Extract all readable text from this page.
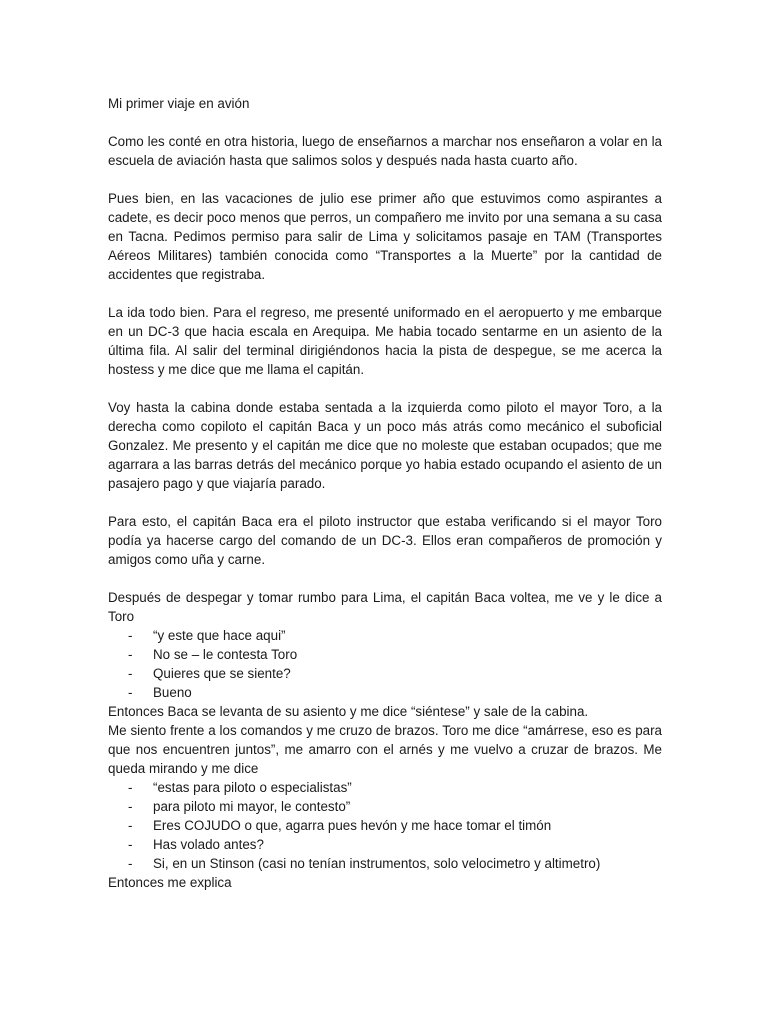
Mi primer viaje en avión

Como les conté en otra historia, luego de enseñarnos a marchar nos enseñaron a volar en la escuela de aviación hasta que salimos solos y después nada hasta cuarto año.

Pues bien, en las vacaciones de julio ese primer año que estuvimos como aspirantes a cadete, es decir poco menos que perros, un compañero me invito por una semana a su casa en Tacna. Pedimos permiso para salir de Lima y solicitamos pasaje en TAM (Transportes Aéreos Militares) también conocida como “Transportes a la Muerte” por la cantidad de accidentes que registraba.

La ida todo bien. Para el regreso, me presenté uniformado en el aeropuerto y me embarque en un DC-3 que hacia escala en Arequipa. Me habia tocado sentarme en un asiento de la última fila. Al salir del terminal dirigiéndonos hacia la pista de despegue, se me acerca la hostess y me dice que me llama el capitán.

Voy hasta la cabina donde estaba sentada a la izquierda como piloto el mayor Toro, a la derecha como copiloto el capitán Baca y un poco más atrás como mecánico el suboficial Gonzalez. Me presento y el capitán me dice que no moleste que estaban ocupados; que me agarrara a las barras detrás del mecánico porque yo habia estado ocupando el asiento de un pasajero pago y que viajaría parado.

Para esto, el capitán Baca era el piloto instructor que estaba verificando si el mayor Toro podía ya hacerse cargo del comando de un DC-3. Ellos eran compañeros de promoción y amigos como uña y carne.

Después de despegar y tomar rumbo para Lima, el capitán Baca voltea, me ve y le dice a Toro

- “y este que hace aqui”
- No se – le contesta Toro
- Quieres que se siente?
- Bueno

Entonces Baca se levanta de su asiento y me dice “siéntese” y sale de la cabina.

Me siento frente a los comandos y me cruzo de brazos. Toro me dice “amárrese, eso es para que nos encuentren juntos”, me amarro con el arnés y me vuelvo a cruzar de brazos. Me queda mirando y me dice

- “estas para piloto o especialistas”
- para piloto mi mayor, le contesto”
- Eres COJUDO o que, agarra pues hevón y me hace tomar el timón
- Has volado antes?
- Si, en un Stinson (casi no tenían instrumentos, solo velocimetro y altimetro)

Entonces me explica
